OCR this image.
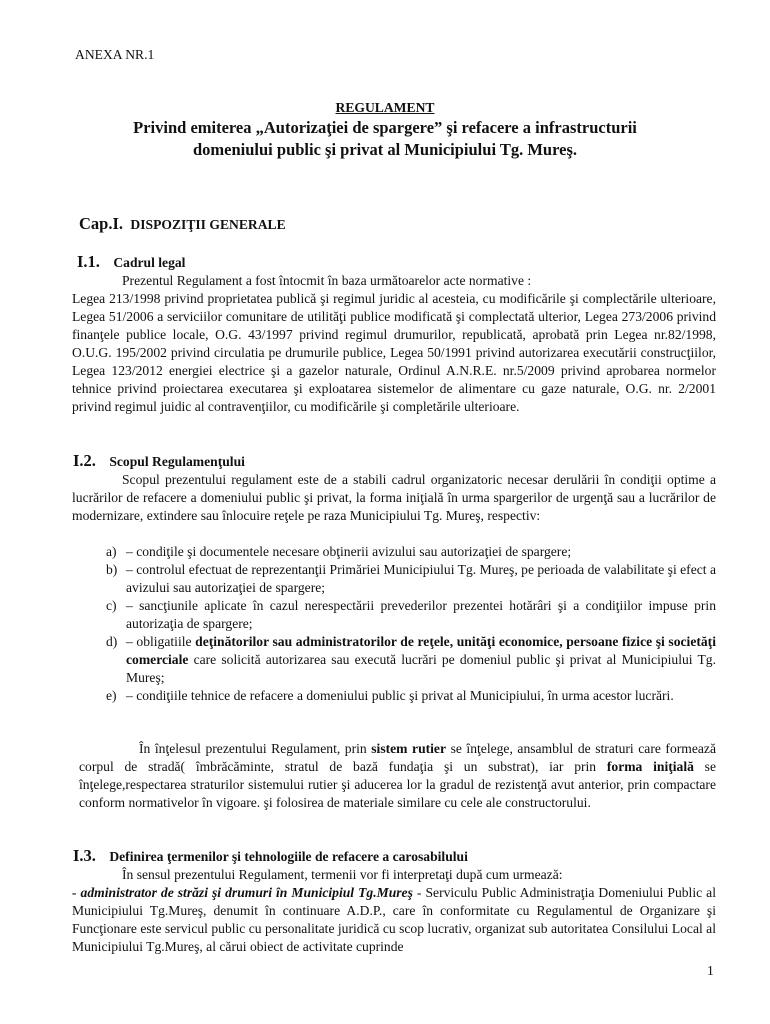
ANEXA NR.1
REGULAMENT
Privind emiterea „Autorizaţiei de spargere” şi refacere a infrastructurii
domeniului public şi privat al Municipiului Tg. Mureş.
Cap.I. DISPOZIŢII GENERALE
I.1. Cadrul legal
Prezentul Regulament a fost întocmit în baza următoarelor acte normative :
Legea 213/1998 privind proprietatea publică şi regimul juridic al acesteia, cu modificările şi complectările ulterioare, Legea 51/2006 a serviciilor comunitare de utilităţi publice modificată şi complectată ulterior, Legea 273/2006 privind finanţele publice locale, O.G. 43/1997 privind regimul drumurilor, republicată, aprobată prin Legea nr.82/1998, O.U.G. 195/2002 privind circulatia pe drumurile publice, Legea 50/1991 privind autorizarea executării construcţiilor, Legea 123/2012 energiei electrice şi a gazelor naturale, Ordinul A.N.R.E. nr.5/2009 privind aprobarea normelor tehnice privind proiectarea executarea şi exploatarea sistemelor de alimentare cu gaze naturale, O.G. nr. 2/2001 privind regimul juidic al contravenţiilor, cu modificările şi completările ulterioare.
I.2. Scopul Regulamenţului
Scopul prezentului regulament este de a stabili cadrul organizatoric necesar derulării în condiţii optime a lucrărilor de refacere a domeniului public şi privat, la forma iniţială în urma spargerilor de urgenţă sau a lucrărilor de modernizare, extindere sau înlocuire reţele pe raza Municipiului Tg. Mureş, respectiv:
a) – condiţile şi documentele necesare obţinerii avizului sau autorizaţiei de spargere;
b) – controlul efectuat de reprezentanţii Primăriei Municipiului Tg. Mureş, pe perioada de valabilitate şi efect a avizului sau autorizaţiei de spargere;
c) – sancţiunile aplicate în cazul nerespectării prevederilor prezentei hotărâri şi a condiţiilor impuse prin autorizaţia de spargere;
d) – obligatiile deţinătorilor sau administratorilor de reţele, unităţi economice, persoane fizice şi societăţi comerciale care solicită autorizarea sau execută lucrări pe domeniul public şi privat al Municipiului Tg. Mureş;
e) – condiţiile tehnice de refacere a domeniului public şi privat al Municipiului, în urma acestor lucrări.
În înţelesul prezentului Regulament, prin sistem rutier se înţelege, ansamblul de straturi care formează corpul de stradă( îmbrăcăminte, stratul de bază fundaţia şi un substrat), iar prin forma iniţială se înţelege,respectarea straturilor sistemului rutier şi aducerea lor la gradul de rezistenţă avut anterior, prin compactare conform normativelor în vigoare. şi folosirea de materiale similare cu cele ale constructorului.
I.3. Definirea ţermenilor şi tehnologiile de refacere a carosabilului
În sensul prezentului Regulament, termenii vor fi interpretaţi după cum urmează:
- administrator de străzi şi drumuri în Municipiul Tg.Mureş - Serviculu Public Administraţia Domeniului Public al Municipiului Tg.Mureş, denumit în continuare A.D.P., care în conformitate cu Regulamentul de Organizare şi Funcţionare este servicul public cu personalitate juridică cu scop lucrativ, organizat sub autoritatea Consilului Local al Municipiului Tg.Mureş, al cărui obiect de activitate cuprinde
1
